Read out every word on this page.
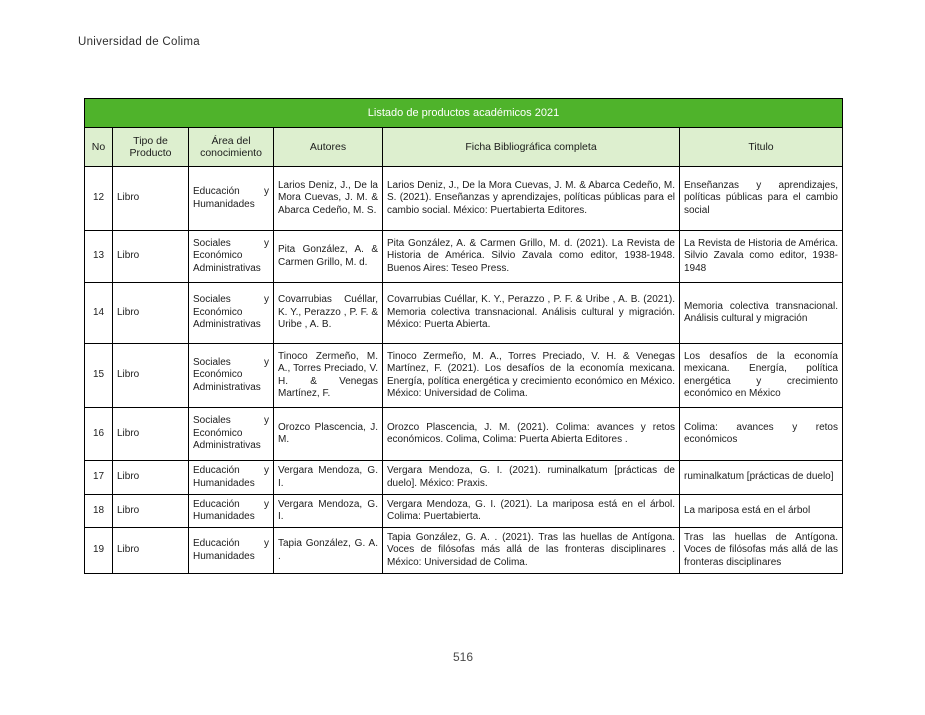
Universidad de Colima
Listado de productos académicos 2021					
No	Tipo de Producto	Área del conocimiento	Autores	Ficha Bibliográfica completa	Titulo
12	Libro	Educación y Humanidades	Larios Deniz, J., De la Mora Cuevas, J. M. & Abarca Cedeño, M. S.	Larios Deniz, J., De la Mora Cuevas, J. M. & Abarca Cedeño, M. S. (2021). Enseñanzas y aprendizajes, políticas públicas para el cambio social. México: Puertabierta Editores.	Enseñanzas y aprendizajes, políticas públicas para el cambio social
13	Libro	Sociales y Económico Administrativas	Pita González, A. & Carmen Grillo, M. d.	Pita González, A. & Carmen Grillo, M. d. (2021). La Revista de Historia de América. Silvio Zavala como editor, 1938-1948. Buenos Aires: Teseo Press.	La Revista de Historia de América. Silvio Zavala como editor, 1938-1948
14	Libro	Sociales y Económico Administrativas	Covarrubias Cuéllar, K. Y., Perazzo , P. F. & Uribe , A. B.	Covarrubias Cuéllar, K. Y., Perazzo , P. F. & Uribe , A. B. (2021). Memoria colectiva transnacional. Análisis cultural y migración. México: Puerta Abierta.	Memoria colectiva transnacional. Análisis cultural y migración
15	Libro	Sociales y Económico Administrativas	Tinoco Zermeño, M. A., Torres Preciado, V. H. & Venegas Martínez, F.	Tinoco Zermeño, M. A., Torres Preciado, V. H. & Venegas Martínez, F. (2021). Los desafíos de la economía mexicana. Energía, política energética y crecimiento económico en México. México: Universidad de Colima.	Los desafíos de la economía mexicana. Energía, política energética y crecimiento económico en México
16	Libro	Sociales y Económico Administrativas	Orozco Plascencia, J. M.	Orozco Plascencia, J. M. (2021). Colima: avances y retos económicos. Colima, Colima: Puerta Abierta Editores .	Colima: avances y retos económicos
17	Libro	Educación y Humanidades	Vergara Mendoza, G. I.	Vergara Mendoza, G. I. (2021). ruminalkatum [prácticas de duelo]. México: Praxis.	ruminalkatum [prácticas de duelo]
18	Libro	Educación y Humanidades	Vergara Mendoza, G. I.	Vergara Mendoza, G. I. (2021). La mariposa está en el árbol. Colima: Puertabierta.	La mariposa está en el árbol
19	Libro	Educación y Humanidades	Tapia González, G. A. .	Tapia González, G. A. . (2021). Tras las huellas de Antígona. Voces de filósofas más allá de las fronteras disciplinares . México: Universidad de Colima.	Tras las huellas de Antígona. Voces de filósofas más allá de las fronteras disciplinares
516
